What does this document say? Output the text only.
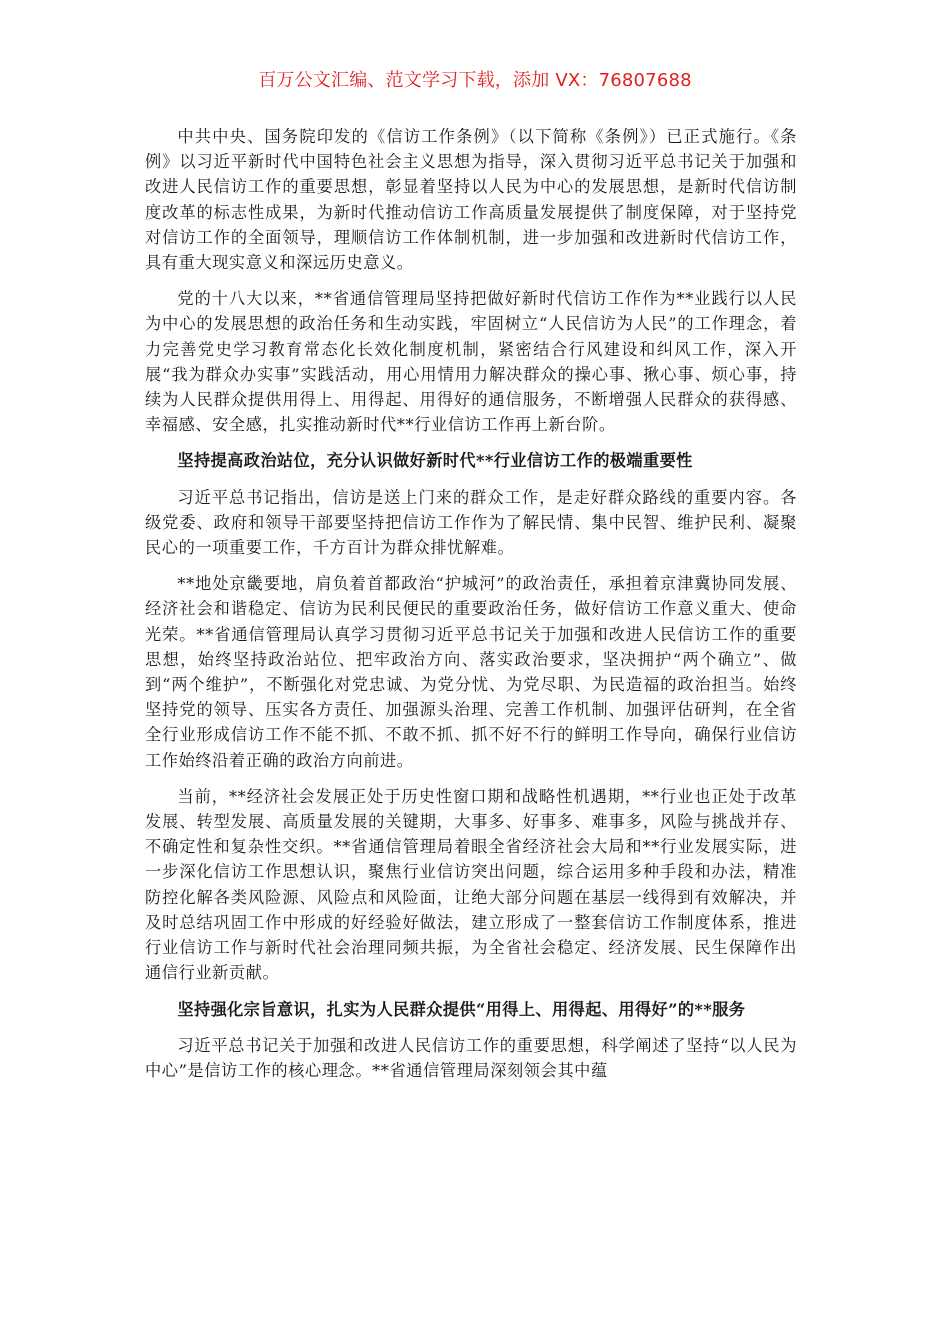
百万公文汇编、范文学习下载，添加 VX：76807688

中共中央、国务院印发的《信访工作条例》（以下简称《条例》）已正式施行。《条例》以习近平新时代中国特色社会主义思想为指导，深入贯彻习近平总书记关于加强和改进人民信访工作的重要思想，彰显着坚持以人民为中心的发展思想，是新时代信访制度改革的标志性成果，为新时代推动信访工作高质量发展提供了制度保障，对于坚持党对信访工作的全面领导，理顺信访工作体制机制，进一步加强和改进新时代信访工作，具有重大现实意义和深远历史意义。

党的十八大以来，**省通信管理局坚持把做好新时代信访工作作为**业践行以人民为中心的发展思想的政治任务和生动实践，牢固树立“人民信访为人民”的工作理念，着力完善党史学习教育常态化长效化制度机制，紧密结合行风建设和纠风工作，深入开展“我为群众办实事”实践活动，用心用情用力解决群众的操心事、揪心事、烦心事，持续为人民群众提供用得上、用得起、用得好的通信服务，不断增强人民群众的获得感、幸福感、安全感，扎实推动新时代**行业信访工作再上新台阶。

坚持提高政治站位，充分认识做好新时代**行业信访工作的极端重要性

习近平总书记指出，信访是送上门来的群众工作，是走好群众路线的重要内容。各级党委、政府和领导干部要坚持把信访工作作为了解民情、集中民智、维护民利、凝聚民心的一项重要工作，千方百计为群众排忧解难。

**地处京畿要地，肩负着首都政治“护城河”的政治责任，承担着京津冀协同发展、经济社会和谐稳定、信访为民利民便民的重要政治任务，做好信访工作意义重大、使命光荣。**省通信管理局认真学习贯彻习近平总书记关于加强和改进人民信访工作的重要思想，始终坚持政治站位、把牢政治方向、落实政治要求，坚决拥护“两个确立”、做到“两个维护”，不断强化对党忠诚、为党分忧、为党尽职、为民造福的政治担当。始终坚持党的领导、压实各方责任、加强源头治理、完善工作机制、加强评估研判，在全省全行业形成信访工作不能不抓、不敢不抓、抓不好不行的鲜明工作导向，确保行业信访工作始终沿着正确的政治方向前进。

当前，**经济社会发展正处于历史性窗口期和战略性机遇期，**行业也正处于改革发展、转型发展、高质量发展的关键期，大事多、好事多、难事多，风险与挑战并存、不确定性和复杂性交织。**省通信管理局着眼全省经济社会大局和**行业发展实际，进一步深化信访工作思想认识，聚焦行业信访突出问题，综合运用多种手段和办法，精准防控化解各类风险源、风险点和风险面，让绝大部分问题在基层一线得到有效解决，并及时总结巩固工作中形成的好经验好做法，建立形成了一整套信访工作制度体系，推进行业信访工作与新时代社会治理同频共振，为全省社会稳定、经济发展、民生保障作出通信行业新贡献。

坚持强化宗旨意识，扎实为人民群众提供“用得上、用得起、用得好”的**服务

习近平总书记关于加强和改进人民信访工作的重要思想，科学阐述了坚持“以人民为中心”是信访工作的核心理念。**省通信管理局深刻领会其中蕴
